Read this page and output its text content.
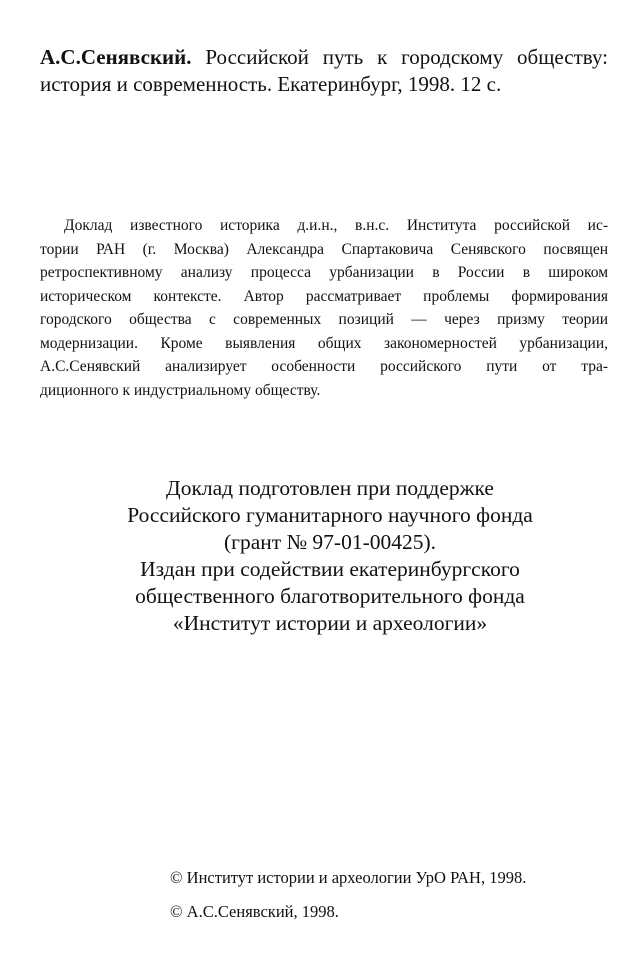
А.С.Сенявский. Российской путь к городскому обществу: история и современность. Екатеринбург, 1998. 12 с.
Доклад известного историка д.и.н., в.н.с. Института российской ис-
тории РАН (г. Москва) Александра Спартаковича Сенявского посвящен
ретроспективному анализу процесса урбанизации в России в широком
историческом контексте. Автор рассматривает проблемы формирования
городского общества с современных позиций — через призму теории
модернизации. Кроме выявления общих закономерностей урбанизации,
А.С.Сенявский анализирует особенности российского пути от тра-
диционного к индустриальному обществу.
Доклад подготовлен при поддержке
Российского гуманитарного научного фонда
(грант № 97-01-00425).
Издан при содействии екатеринбургского
общественного благотворительного фонда
«Институт истории и археологии»
© Институт истории и археологии УрО РАН, 1998.
© А.С.Сенявский, 1998.
